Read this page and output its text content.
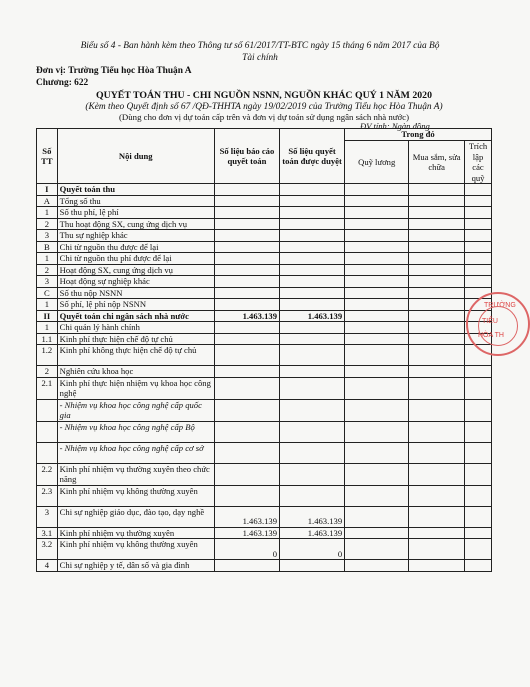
Biểu số 4 - Ban hành kèm theo Thông tư số 61/2017/TT-BTC ngày 15 tháng 6 năm 2017 của Bộ
Tài chính
Đơn vị: Trường Tiểu học Hòa Thuận A
Chương: 622
QUYẾT TOÁN THU - CHI NGUỒN NSNN, NGUỒN KHÁC QUÝ 1 NĂM 2020
(Kèm theo Quyết định số 67 /QĐ-THHTA ngày 19/02/2019 của Trường Tiểu học Hòa Thuận A)
(Dùng cho đơn vị dự toán cấp trên và đơn vị dự toán sử dụng ngân sách nhà nước)
ĐV tính: Ngàn đồng
Số TT	Nội dung	Số liệu báo cáo quyết toán	Số liệu quyết toán được duyệt	Trong đó		
				Quỹ lương	Mua sắm, sửa chữa	Trích lập các quỹ
I	Quyết toán thu					
A	Tổng số thu					
1	Số thu phí, lệ phí					
2	Thu hoạt động SX, cung ứng dịch vụ					
3	Thu sự nghiệp khác					
B	Chi từ nguồn thu được để lại					
1	Chi từ nguồn thu phí được để lại					
2	Hoạt động SX, cung ứng dịch vụ					
3	Hoạt động sự nghiệp khác					
C	Số thu nộp NSNN					
1	Số phí, lệ phí nộp NSNN					
II	Quyết toán chi ngân sách nhà nước	1.463.139	1.463.139			
1	Chi quản lý hành chính					
1.1	Kinh phí thực hiện chế độ tự chủ					
1.2	Kinh phí không thực hiện chế độ tự chủ					
2	Nghiên cứu khoa học					
2.1	Kinh phí thực hiện nhiệm vụ khoa học công nghệ					
	- Nhiệm vụ khoa học công nghệ cấp quốc gia					
	- Nhiệm vụ khoa học công nghệ cấp Bộ					
	- Nhiệm vụ khoa học công nghệ cấp cơ sở					
2.2	Kinh phí nhiệm vụ thường xuyên theo chức năng					
2.3	Kinh phí nhiệm vụ không thường xuyên					
3	Chi sự nghiệp giáo dục, đào tạo, dạy nghề	1.463.139	1.463.139			
3.1	Kinh phí nhiệm vụ thường xuyên	1.463.139	1.463.139			
3.2	Kinh phí nhiệm vụ không thường xuyên	0	0			
4	Chi sự nghiệp y tế, dân số và gia đình					
TRƯỜNG
TIỂU
HÒA TH
